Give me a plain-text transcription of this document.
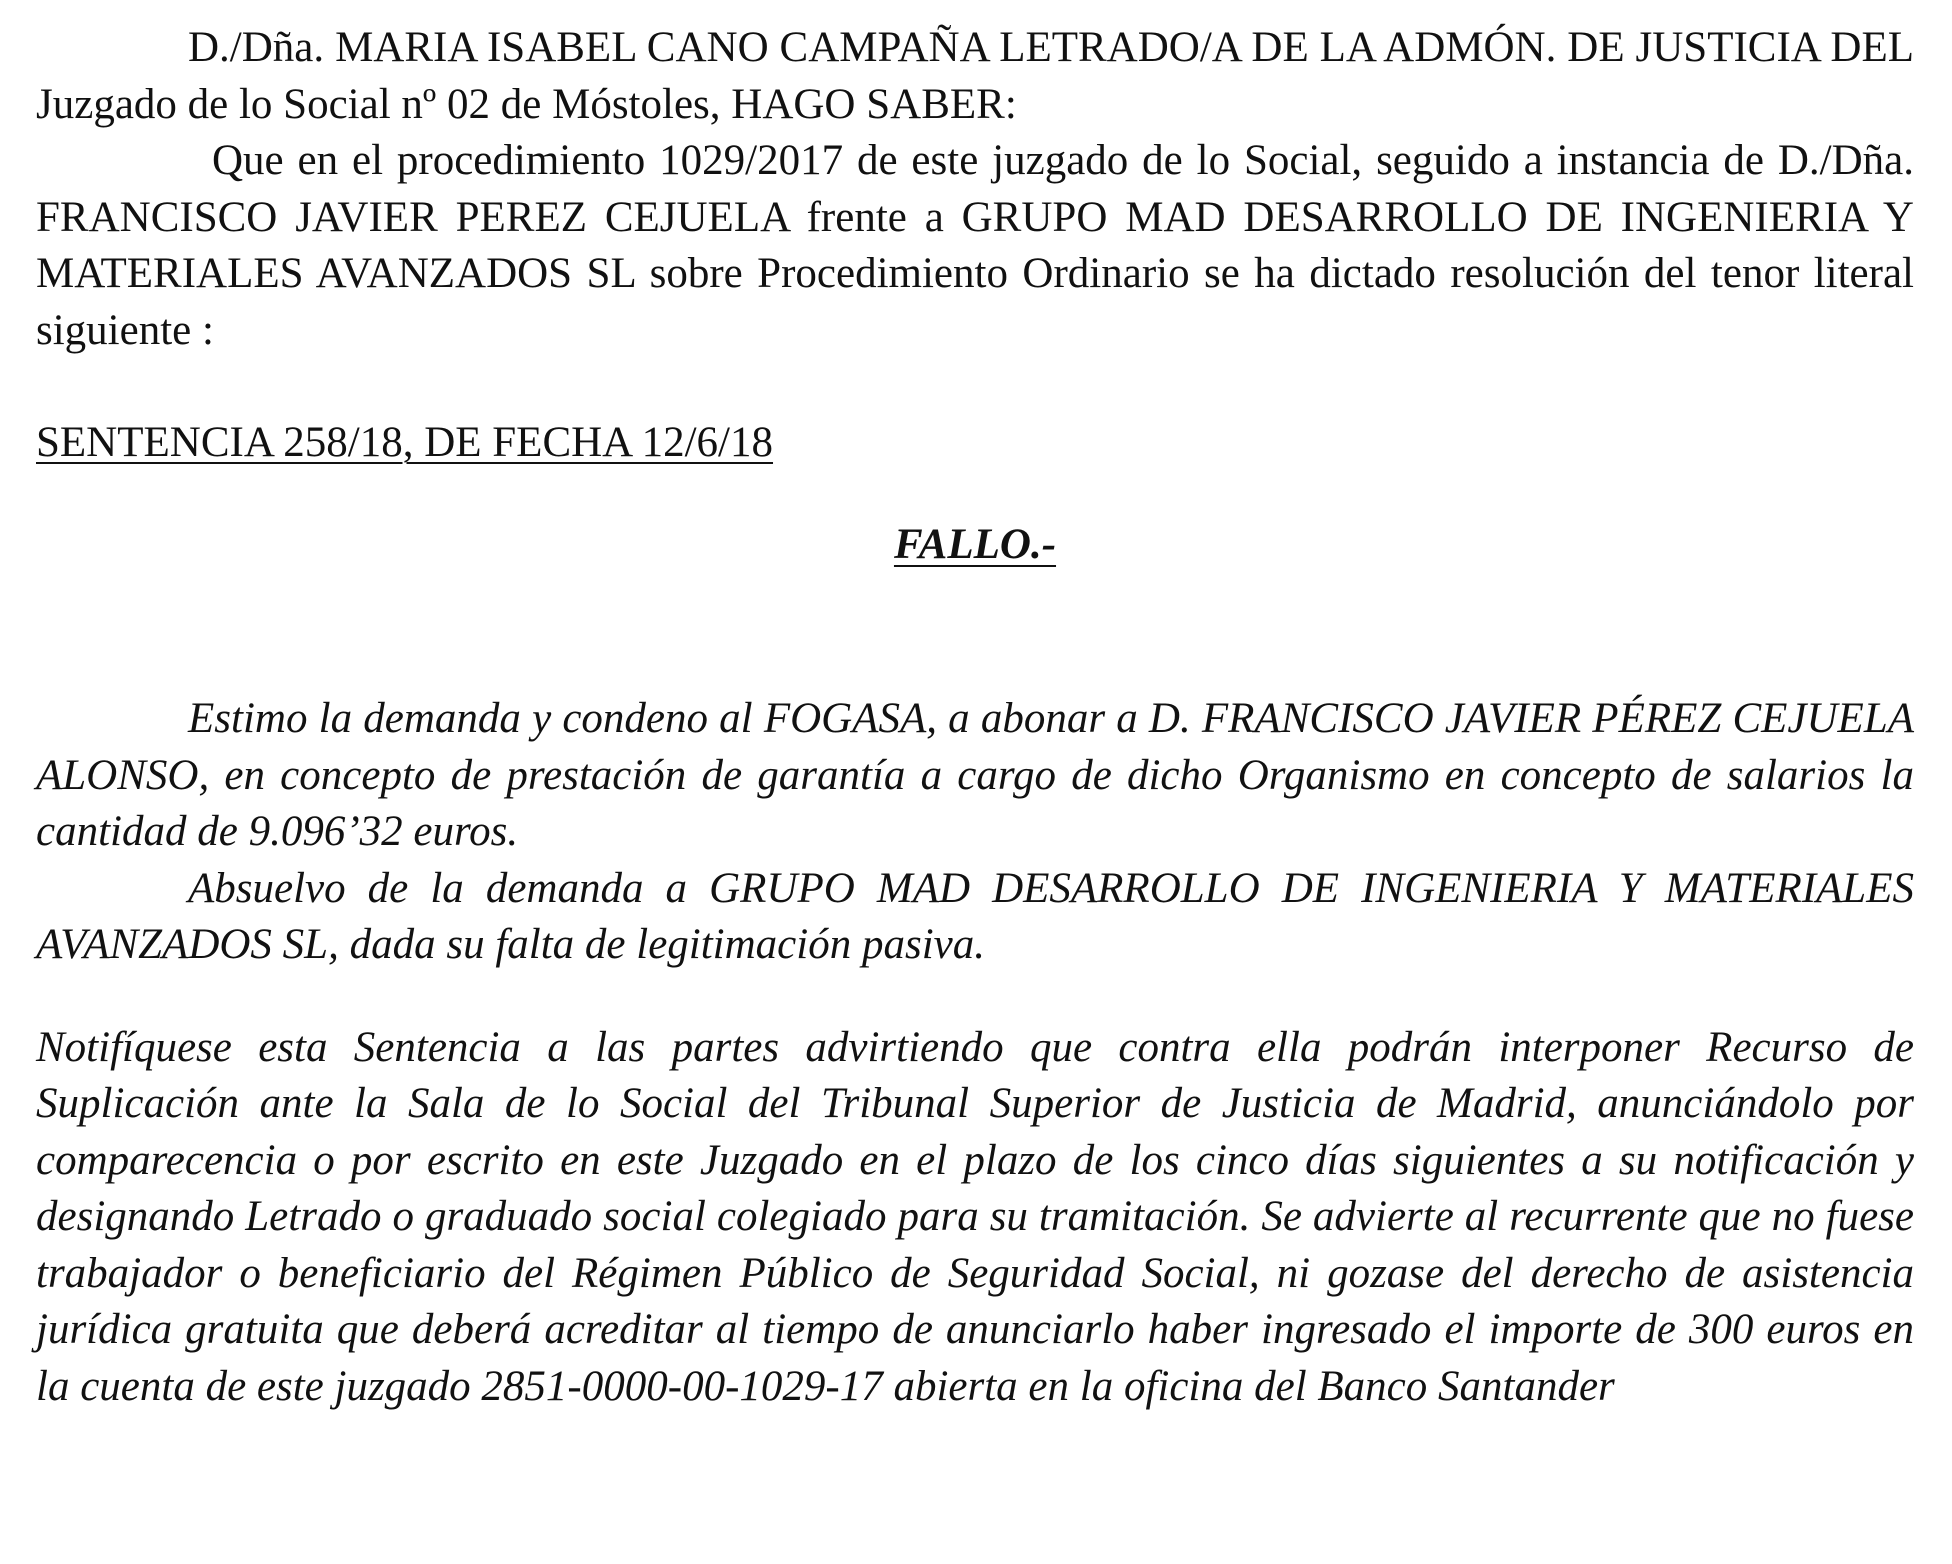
D./Dña. MARIA ISABEL CANO CAMPAÑA LETRADO/A DE LA ADMÓN. DE JUSTICIA DEL Juzgado de lo Social nº 02 de Móstoles, HAGO SABER:

Que en el procedimiento 1029/2017 de este juzgado de lo Social, seguido a instancia de D./Dña. FRANCISCO JAVIER PEREZ CEJUELA frente a GRUPO MAD DESARROLLO DE INGENIERIA Y MATERIALES AVANZADOS SL sobre Procedimiento Ordinario se ha dictado resolución del tenor literal siguiente :

SENTENCIA 258/18, DE FECHA 12/6/18

FALLO.-

Estimo la demanda y condeno al FOGASA, a abonar a D. FRANCISCO JAVIER PÉREZ CEJUELA ALONSO, en concepto de prestación de garantía a cargo de dicho Organismo en concepto de salarios la cantidad de 9.096’32 euros.

Absuelvo de la demanda a GRUPO MAD DESARROLLO DE INGENIERIA Y MATERIALES AVANZADOS SL, dada su falta de legitimación pasiva.

Notifíquese esta Sentencia a las partes advirtiendo que contra ella podrán interponer Recurso de Suplicación ante la Sala de lo Social del Tribunal Superior de Justicia de Madrid, anunciándolo por comparecencia o por escrito en este Juzgado en el plazo de los cinco días siguientes a su notificación y designando Letrado o graduado social colegiado para su tramitación. Se advierte al recurrente que no fuese trabajador o beneficiario del Régimen Público de Seguridad Social, ni gozase del derecho de asistencia jurídica gratuita que deberá acreditar al tiempo de anunciarlo haber ingresado el importe de 300 euros en la cuenta de este juzgado 2851-0000-00-1029-17 abierta en la oficina del Banco Santander
